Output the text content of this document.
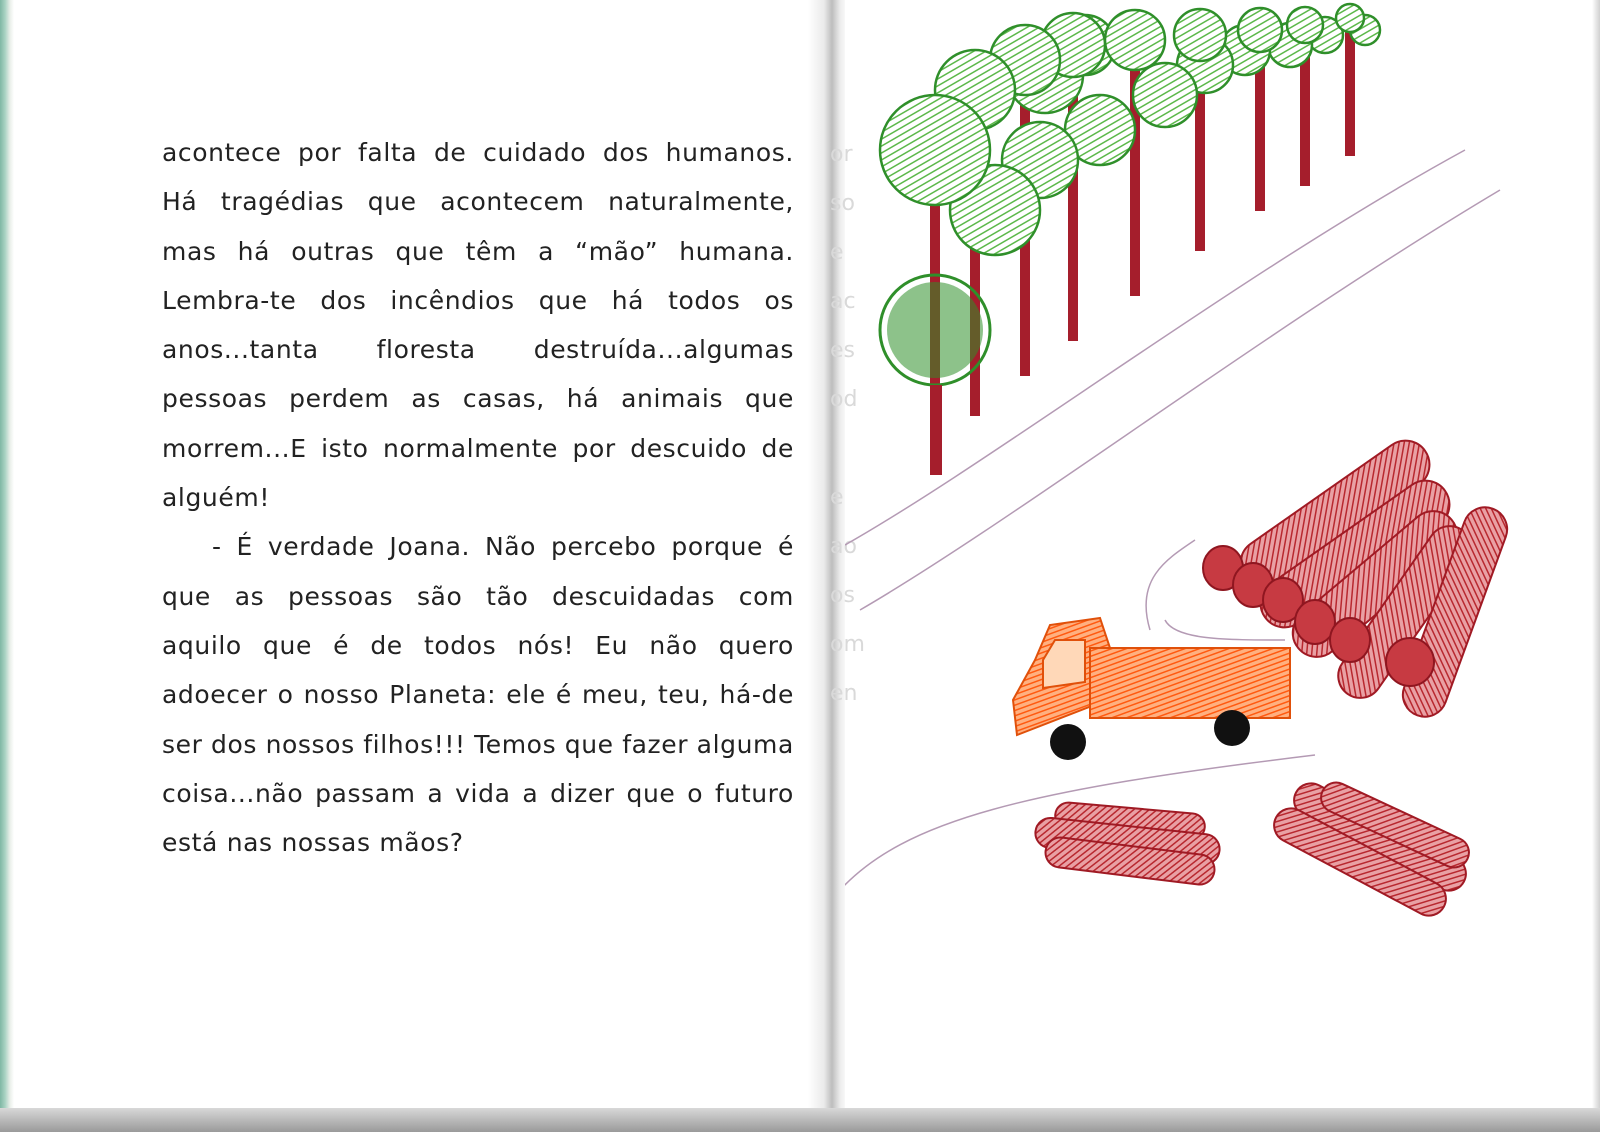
or
so
e
ac
es
od
e
ao
os
om
en
acontece por falta de cuidado dos humanos.
Há tragédias que acontecem naturalmente,
mas há outras que têm a “mão” humana.
Lembra-te dos incêndios que há todos os
anos...tanta floresta destruída...algumas
pessoas perdem as casas, há animais que
morrem...E isto normalmente por descuido de
alguém!
- É verdade Joana. Não percebo porque é
que as pessoas são tão descuidadas com
aquilo que é de todos nós! Eu não quero
adoecer o nosso Planeta: ele é meu, teu, há-de
ser dos nossos filhos!!! Temos que fazer alguma
coisa...não passam a vida a dizer que o futuro
está nas nossas mãos?
